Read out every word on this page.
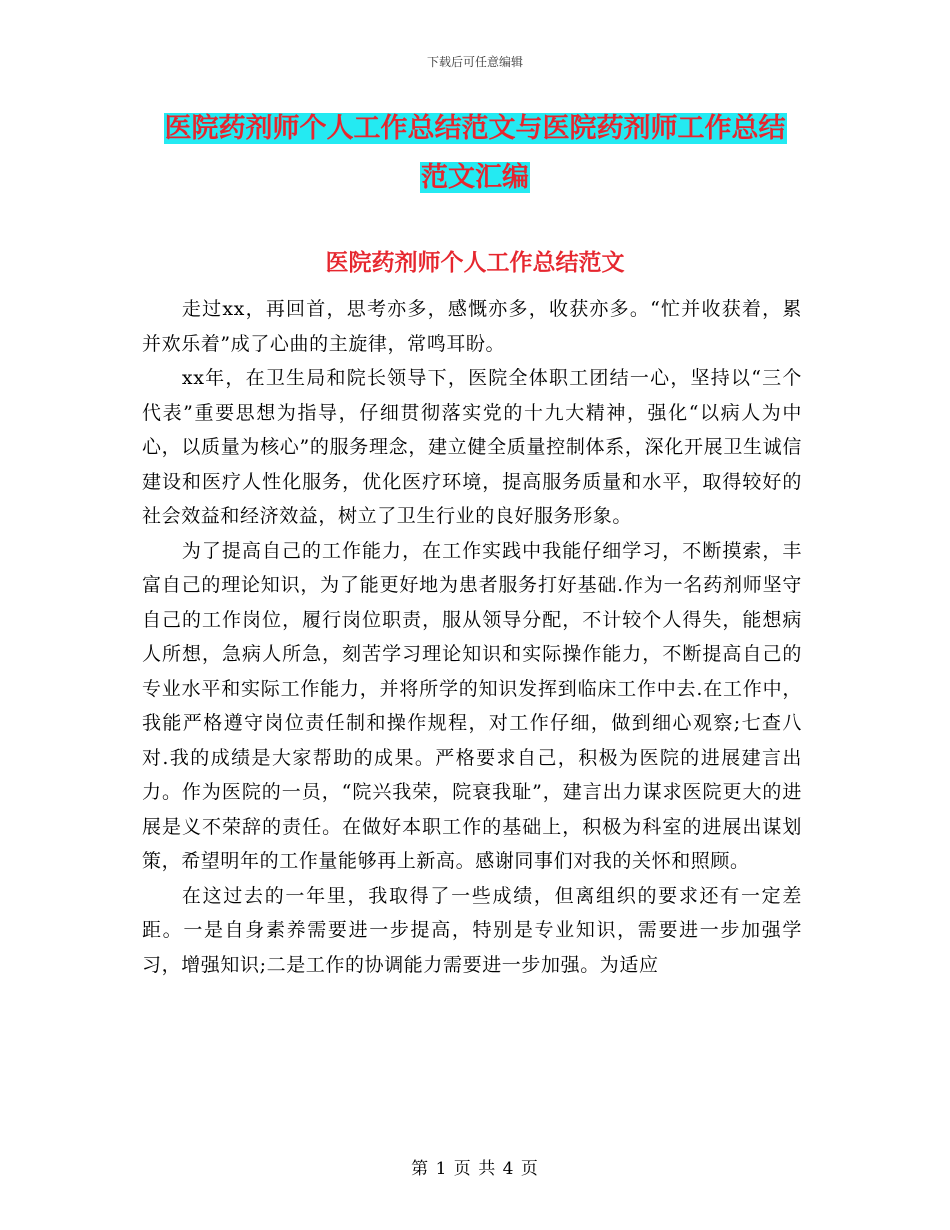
下载后可任意编辑
医院药剂师个人工作总结范文与医院药剂师工作总结
范文汇编
医院药剂师个人工作总结范文

走过xx，再回首，思考亦多，感慨亦多，收获亦多。“忙并收获着，累并欢乐着”成了心曲的主旋律，常鸣耳盼。

xx年，在卫生局和院长领导下，医院全体职工团结一心，坚持以“三个代表”重要思想为指导，仔细贯彻落实党的十九大精神，强化“以病人为中心，以质量为核心”的服务理念，建立健全质量控制体系，深化开展卫生诚信建设和医疗人性化服务，优化医疗环境，提高服务质量和水平，取得较好的社会效益和经济效益，树立了卫生行业的良好服务形象。

为了提高自己的工作能力，在工作实践中我能仔细学习，不断摸索，丰富自己的理论知识，为了能更好地为患者服务打好基础.作为一名药剂师坚守自己的工作岗位，履行岗位职责，服从领导分配，不计较个人得失，能想病人所想，急病人所急，刻苦学习理论知识和实际操作能力，不断提高自己的专业水平和实际工作能力，并将所学的知识发挥到临床工作中去.在工作中，我能严格遵守岗位责任制和操作规程，对工作仔细，做到细心观察;七查八对.我的成绩是大家帮助的成果。严格要求自己，积极为医院的进展建言出力。作为医院的一员，“院兴我荣，院衰我耻”，建言出力谋求医院更大的进展是义不荣辞的责任。在做好本职工作的基础上，积极为科室的进展出谋划策，希望明年的工作量能够再上新高。感谢同事们对我的关怀和照顾。

在这过去的一年里，我取得了一些成绩，但离组织的要求还有一定差距。一是自身素养需要进一步提高，特别是专业知识，需要进一步加强学习，增强知识;二是工作的协调能力需要进一步加强。为适应

第 1 页 共 4 页
